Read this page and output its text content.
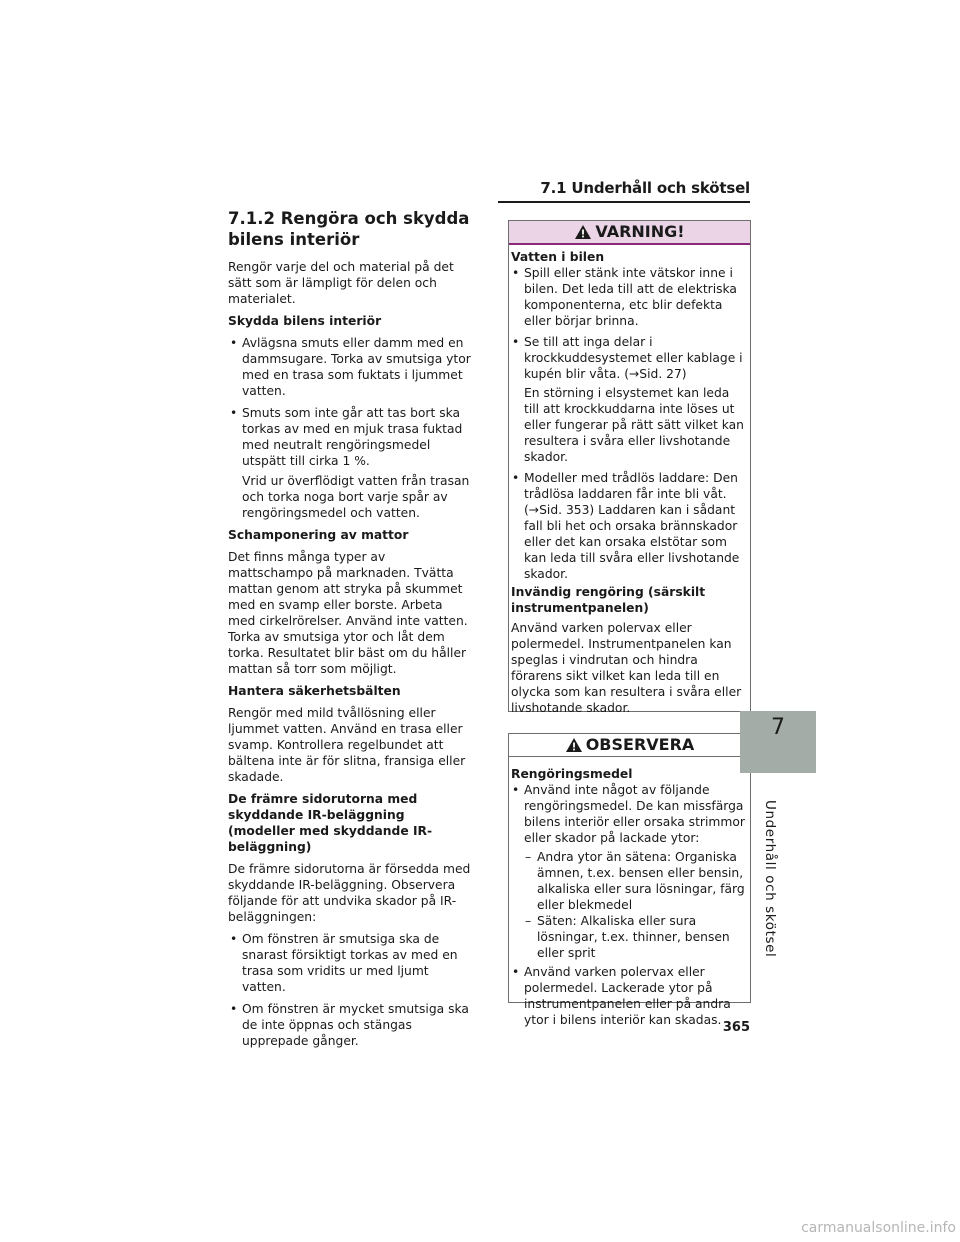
7.1 Underhåll och skötsel
7.1.2 Rengöra och skydda bilens interiör
Rengör varje del och material på det sätt som är lämpligt för delen och materialet.
Skydda bilens interiör
• Avlägsna smuts eller damm med en dammsugare. Torka av smutsiga ytor med en trasa som fuktats i ljummet vatten.
• Smuts som inte går att tas bort ska torkas av med en mjuk trasa fuktad med neutralt rengöringsmedel utspätt till cirka 1 %.
Vrid ur överflödigt vatten från trasan och torka noga bort varje spår av rengöringsmedel och vatten.
Schamponering av mattor
Det finns många typer av mattschampo på marknaden. Tvätta mattan genom att stryka på skummet med en svamp eller borste. Arbeta med cirkelrörelser. Använd inte vatten. Torka av smutsiga ytor och låt dem torka. Resultatet blir bäst om du håller mattan så torr som möjligt.
Hantera säkerhetsbälten
Rengör med mild tvållösning eller ljummet vatten. Använd en trasa eller svamp. Kontrollera regelbundet att bältena inte är för slitna, fransiga eller skadade.
De främre sidorutorna med skyddande IR-beläggning (modeller med skyddande IR-beläggning)
De främre sidorutorna är försedda med skyddande IR-beläggning. Observera följande för att undvika skador på IR-beläggningen:
• Om fönstren är smutsiga ska de snarast försiktigt torkas av med en trasa som vridits ur med ljumt vatten.
• Om fönstren är mycket smutsiga ska de inte öppnas och stängas upprepade gånger.
VARNING!
Vatten i bilen
• Spill eller stänk inte vätskor inne i bilen. Det leda till att de elektriska komponenterna, etc blir defekta eller börjar brinna.
• Se till att inga delar i krockkuddesystemet eller kablage i kupén blir våta. (→Sid. 27)
En störning i elsystemet kan leda till att krockkuddarna inte löses ut eller fungerar på rätt sätt vilket kan resultera i svåra eller livshotande skador.
• Modeller med trådlös laddare: Den trådlösa laddaren får inte bli våt. (→Sid. 353) Laddaren kan i sådant fall bli het och orsaka brännskador eller det kan orsaka elstötar som kan leda till svåra eller livshotande skador.
Invändig rengöring (särskilt instrumentpanelen)
Använd varken polervax eller polermedel. Instrumentpanelen kan speglas i vindrutan och hindra förarens sikt vilket kan leda till en olycka som kan resultera i svåra eller livshotande skador.
OBSERVERA
Rengöringsmedel
• Använd inte något av följande rengöringsmedel. De kan missfärga bilens interiör eller orsaka strimmor eller skador på lackade ytor:
– Andra ytor än sätena: Organiska ämnen, t.ex. bensen eller bensin, alkaliska eller sura lösningar, färg eller blekmedel
– Säten: Alkaliska eller sura lösningar, t.ex. thinner, bensen eller sprit
• Använd varken polervax eller polermedel. Lackerade ytor på instrumentpanelen eller på andra ytor i bilens interiör kan skadas.
7
Underhåll och skötsel
365
carmanualsonline.info
